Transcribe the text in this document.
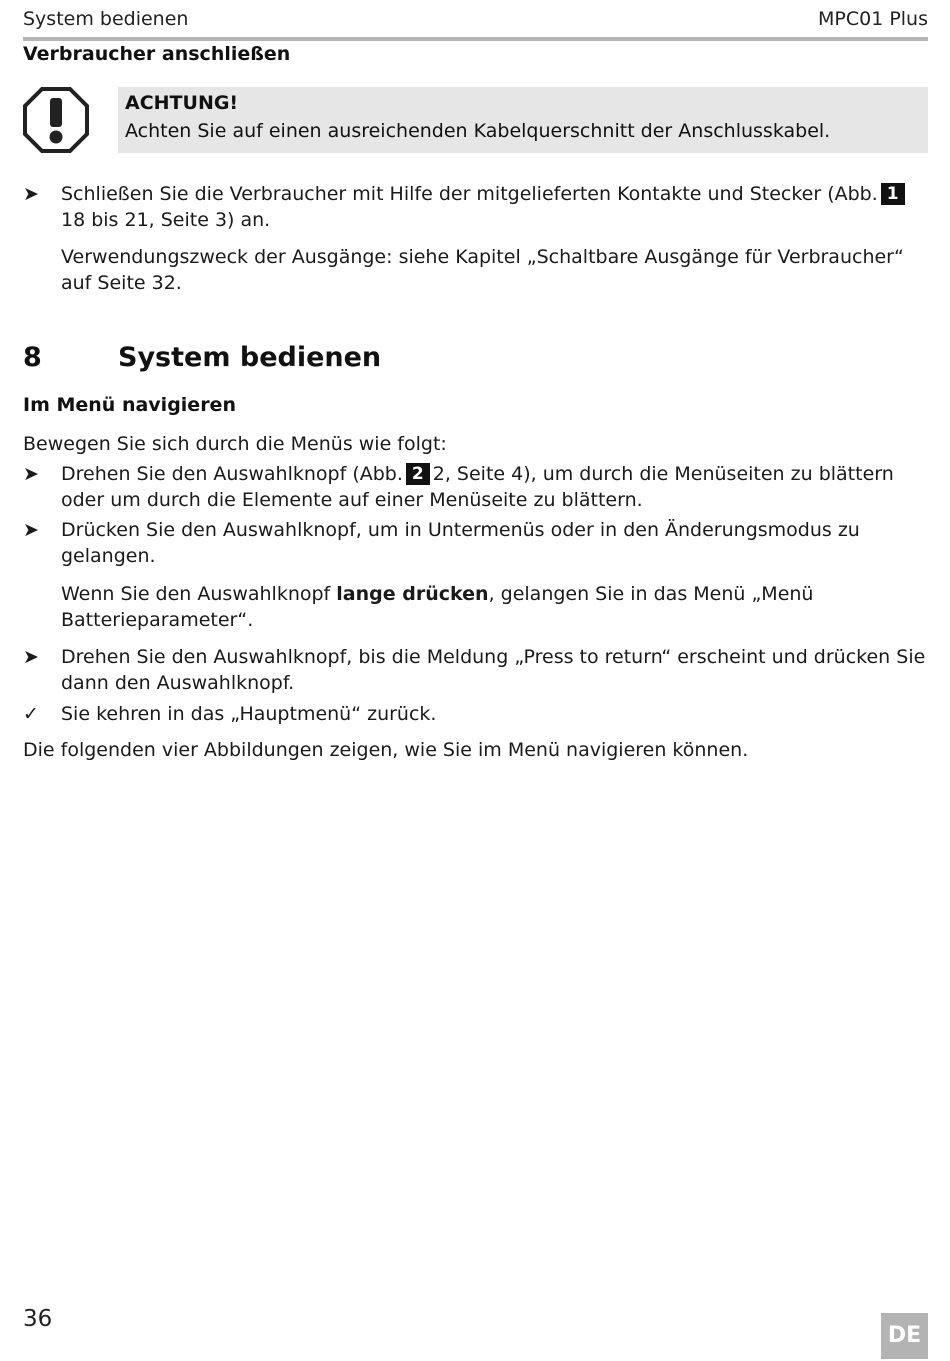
System bedienen	MPC01 Plus
Verbraucher anschließen
ACHTUNG!
Achten Sie auf einen ausreichenden Kabelquerschnitt der Anschlusskabel.
➤	Schließen Sie die Verbraucher mit Hilfe der mitgelieferten Kontakte und Stecker (Abb. 118 bis 21, Seite 3) an.
Verwendungszweck der Ausgänge: siehe Kapitel „Schaltbare Ausgänge für Verbraucher“ auf Seite 32.
8	System bedienen
Im Menü navigieren
Bewegen Sie sich durch die Menüs wie folgt:
➤	Drehen Sie den Auswahlknopf (Abb. 2 2, Seite 4), um durch die Menüseiten zu blättern oder um durch die Elemente auf einer Menüseite zu blättern.
➤	Drücken Sie den Auswahlknopf, um in Untermenüs oder in den Änderungsmodus zu gelangen.
Wenn Sie den Auswahlknopf lange drücken, gelangen Sie in das Menü „Menü Batterieparameter“.
➤	Drehen Sie den Auswahlknopf, bis die Meldung „Press to return“ erscheint und drücken Sie dann den Auswahlknopf.
✓	Sie kehren in das „Hauptmenü“ zurück.
Die folgenden vier Abbildungen zeigen, wie Sie im Menü navigieren können.
36
DE
